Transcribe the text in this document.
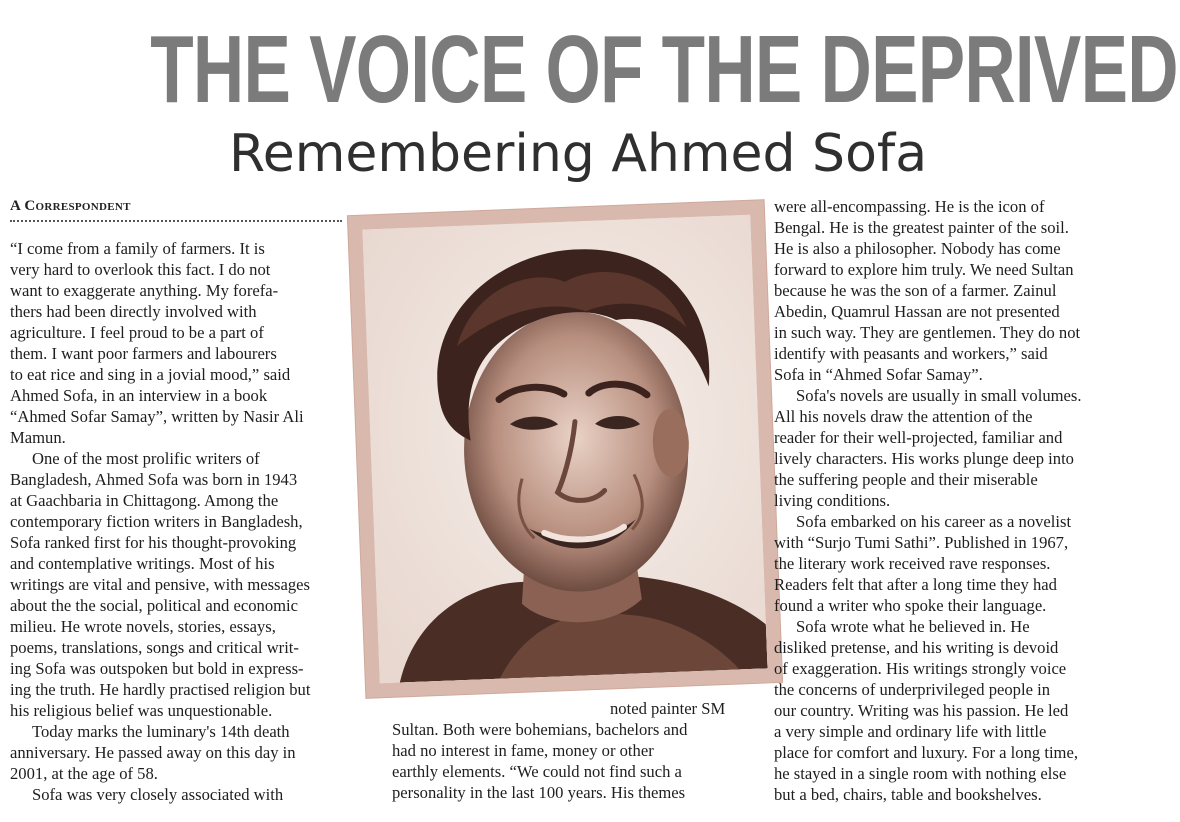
THE VOICE OF THE DEPRIVED
Remembering Ahmed Sofa
A Correspondent

“I come from a family of farmers. It is

very hard to overlook this fact. I do not

want to exaggerate anything. My forefa-

thers had been directly involved with

agriculture. I feel proud to be a part of

them. I want poor farmers and labourers

to eat rice and sing in a jovial mood,” said

Ahmed Sofa, in an interview in a book

“Ahmed Sofar Samay”, written by Nasir Ali

Mamun.

One of the most prolific writers of

Bangladesh, Ahmed Sofa was born in 1943

at Gaachbaria in Chittagong. Among the

contemporary fiction writers in Bangladesh,

Sofa ranked first for his thought-provoking

and contemplative writings. Most of his

writings are vital and pensive, with messages

about the the social, political and economic

milieu. He wrote novels, stories, essays,

poems, translations, songs and critical writ-

ing Sofa was outspoken but bold in express-

ing the truth. He hardly practised religion but

his religious belief was unquestionable.

Today marks the luminary's 14th death

anniversary. He passed away on this day in

2001, at the age of 58.

Sofa was very closely associated with

noted painter SM

Sultan. Both were bohemians, bachelors and

had no interest in fame, money or other

earthly elements. “We could not find such a

personality in the last 100 years. His themes

were all-encompassing. He is the icon of

Bengal. He is the greatest painter of the soil.

He is also a philosopher. Nobody has come

forward to explore him truly. We need Sultan

because he was the son of a farmer. Zainul

Abedin, Quamrul Hassan are not presented

in such way. They are gentlemen. They do not

identify with peasants and workers,” said

Sofa in “Ahmed Sofar Samay”.

Sofa's novels are usually in small volumes.

All his novels draw the attention of the

reader for their well-projected, familiar and

lively characters. His works plunge deep into

the suffering people and their miserable

living conditions.

Sofa embarked on his career as a novelist

with “Surjo Tumi Sathi”. Published in 1967,

the literary work received rave responses.

Readers felt that after a long time they had

found a writer who spoke their language.

Sofa wrote what he believed in. He

disliked pretense, and his writing is devoid

of exaggeration. His writings strongly voice

the concerns of underprivileged people in

our country. Writing was his passion. He led

a very simple and ordinary life with little

place for comfort and luxury. For a long time,

he stayed in a single room with nothing else

but a bed, chairs, table and bookshelves.
